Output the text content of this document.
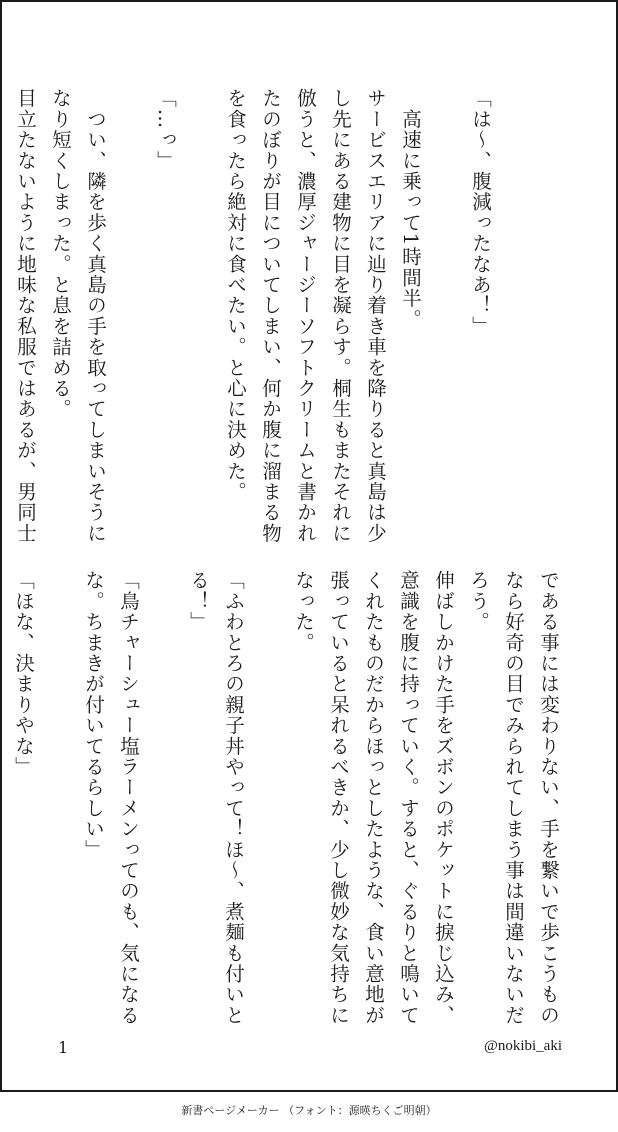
「は〜、腹減ったなあ！」

　高速に乗って1時間半。
サービスエリアに辿り着き車を降りると真島は少
し先にある建物に目を凝らす。桐生もまたそれに
倣うと、濃厚ジャージーソフトクリームと書かれ
たのぼりが目についてしまい、何か腹に溜まる物
を食ったら絶対に食べたい。と心に決めた。

「…っ」

　つい、隣を歩く真島の手を取ってしまいそうに
なり短くしまった。と息を詰める。
目立たないように地味な私服ではあるが、男同士
である事には変わりない、手を繋いで歩こうもの
なら好奇の目でみられてしまう事は間違いないだ
ろう。
伸ばしかけた手をズボンのポケットに捩じ込み、
意識を腹に持っていく。すると、ぐるりと鳴いて
くれたものだからほっとしたような、食い意地が
張っていると呆れるべきか、少し微妙な気持ちに
なった。

「ふわとろの親子丼やって！ほ〜、煮麺も付いと
る！」

「鳥チャーシュー塩ラーメンってのも、気になる
な。ちまきが付いてるらしい」

「ほな、決まりやな」
1	@nokibi_aki
新書ページメーカー （フォント：源暎ちくご明朝）
